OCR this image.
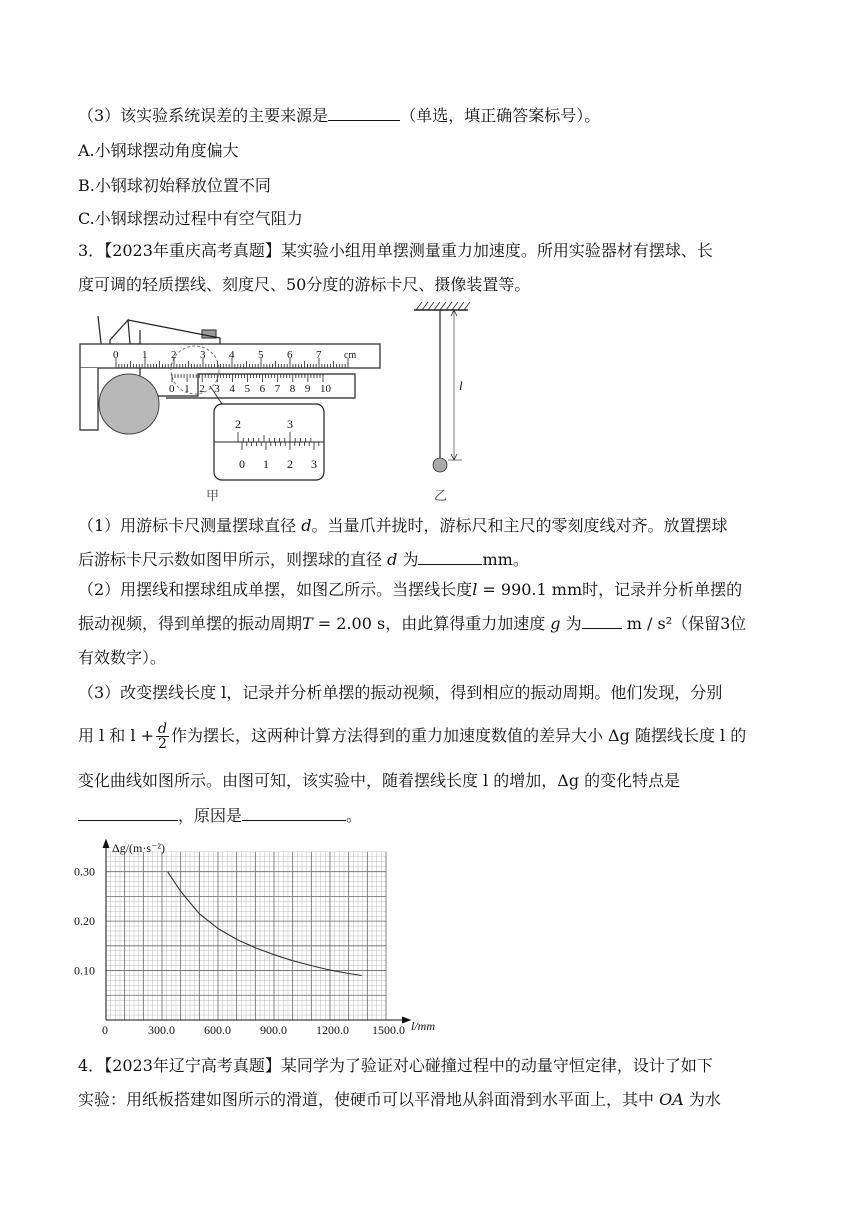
（3）该实验系统误差的主要来源是	（单选，填正确答案标号）。
A.小钢球摆动角度偏大
B.小钢球初始释放位置不同
C.小钢球摆动过程中有空气阻力
3．【2023年重庆高考真题】某实验小组用单摆测量重力加速度。所用实验器材有摆球、长
度可调的轻质摆线、刻度尺、50分度的游标卡尺、摄像装置等。
0 1 2 3 4 5 6 7 cm
0 1 2 3 4 5 6 7 8 9 10
2	3
0 1 2 3
甲
l
乙
（1）用游标卡尺测量摆球直径 d。当量爪并拢时，游标尺和主尺的零刻度线对齐。放置摆球
后游标卡尺示数如图甲所示，则摆球的直径 d 为	mm。
（2）用摆线和摆球组成单摆，如图乙所示。当摆线长度l = 990.1 mm时，记录并分析单摆的
振动视频，得到单摆的振动周期T = 2.00 s，由此算得重力加速度 g 为	m / s²（保留3位
有效数字）。
（3）改变摆线长度 l，记录并分析单摆的振动视频，得到相应的振动周期。他们发现，分别
用 l 和 $l + \frac{d}{2}$ 作为摆长，这两种计算方法得到的重力加速度数值的差异大小 Δg 随摆线长度 l 的
变化曲线如图所示。由图可知，该实验中，随着摆线长度 l 的增加，Δg 的变化特点是
，原因是	。
300.0 600.0 900.0 1200.0 1500.0
0.10
0.20
0.30
0
Δg/(m·s⁻²)
l/mm
4．【2023年辽宁高考真题】某同学为了验证对心碰撞过程中的动量守恒定律，设计了如下
实验：用纸板搭建如图所示的滑道，使硬币可以平滑地从斜面滑到水平面上，其中 OA 为水
